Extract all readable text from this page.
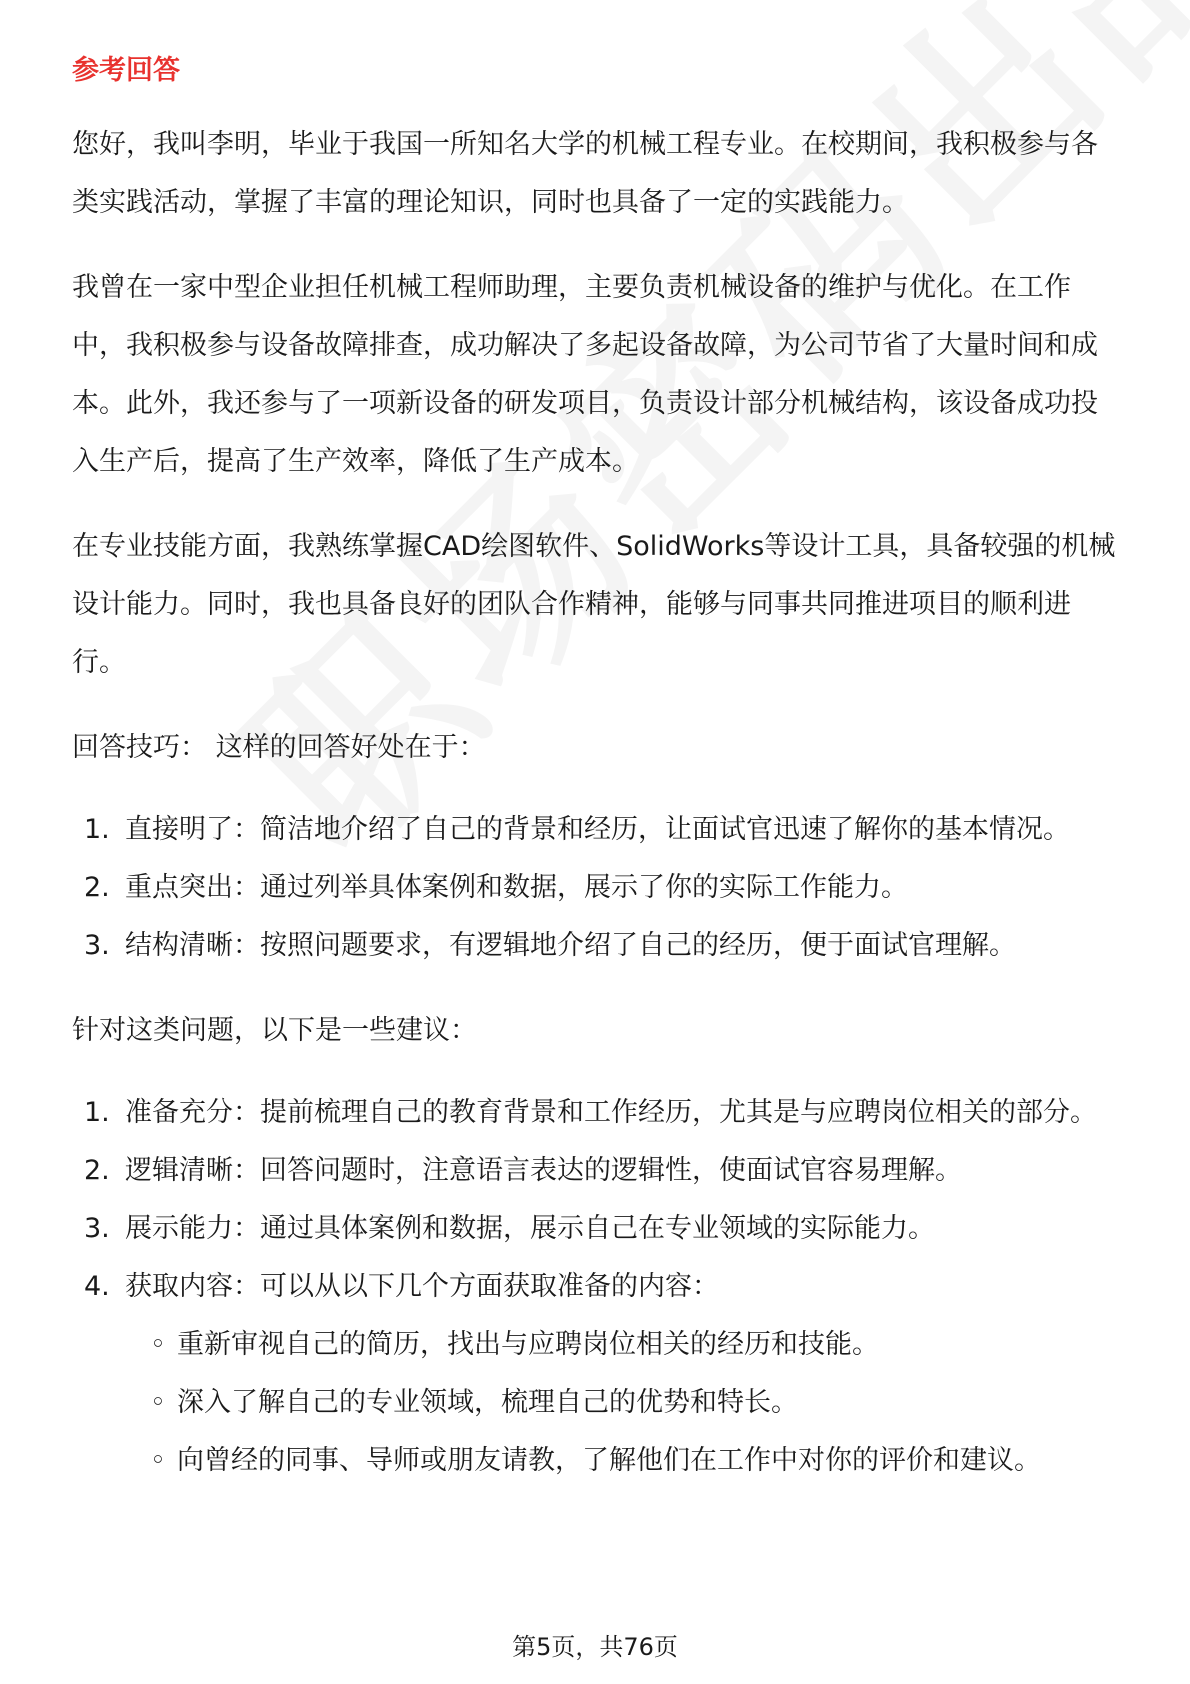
参考回答

您好，我叫李明，毕业于我国一所知名大学的机械工程专业。在校期间，我积极参与各类实践活动，掌握了丰富的理论知识，同时也具备了一定的实践能力。

我曾在一家中型企业担任机械工程师助理，主要负责机械设备的维护与优化。在工作中，我积极参与设备故障排查，成功解决了多起设备故障，为公司节省了大量时间和成本。此外，我还参与了一项新设备的研发项目，负责设计部分机械结构，该设备成功投入生产后，提高了生产效率，降低了生产成本。

在专业技能方面，我熟练掌握CAD绘图软件、SolidWorks等设计工具，具备较强的机械设计能力。同时，我也具备良好的团队合作精神，能够与同事共同推进项目的顺利进行。

回答技巧： 这样的回答好处在于：
1. 直接明了：简洁地介绍了自己的背景和经历，让面试官迅速了解你的基本情况。
2. 重点突出：通过列举具体案例和数据，展示了你的实际工作能力。
3. 结构清晰：按照问题要求，有逻辑地介绍了自己的经历，便于面试官理解。
针对这类问题，以下是一些建议：
1. 准备充分：提前梳理自己的教育背景和工作经历，尤其是与应聘岗位相关的部分。
2. 逻辑清晰：回答问题时，注意语言表达的逻辑性，使面试官容易理解。
3. 展示能力：通过具体案例和数据，展示自己在专业领域的实际能力。
4. 获取内容：可以从以下几个方面获取准备的内容：
◦ 重新审视自己的简历，找出与应聘岗位相关的经历和技能。
◦ 深入了解自己的专业领域，梳理自己的优势和特长。
◦ 向曾经的同事、导师或朋友请教，了解他们在工作中对你的评价和建议。
第5页，共76页
